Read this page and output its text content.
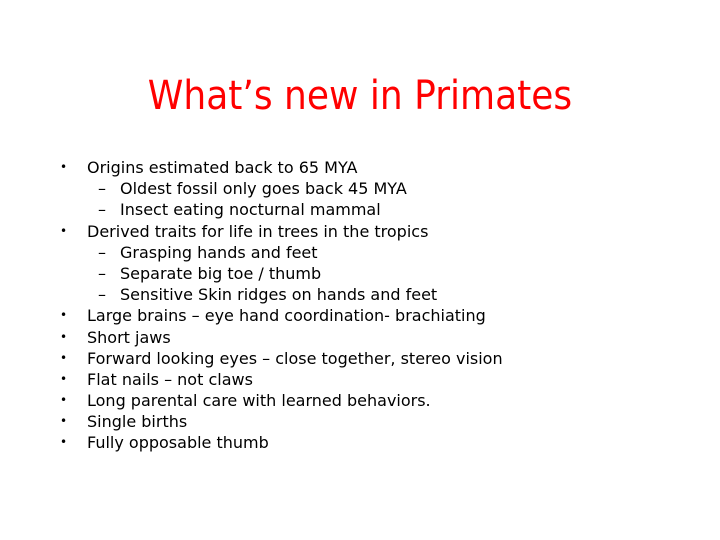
What’s new in Primates
• Origins estimated back to 65 MYA
– Oldest fossil only goes back 45 MYA
– Insect eating nocturnal mammal
• Derived traits for life in trees in the tropics
– Grasping hands and feet
– Separate big toe / thumb
– Sensitive Skin ridges on hands and feet
• Large brains – eye hand coordination- brachiating
• Short jaws
• Forward looking eyes – close together, stereo vision
• Flat nails – not claws
• Long parental care with learned behaviors.
• Single births
• Fully opposable thumb
